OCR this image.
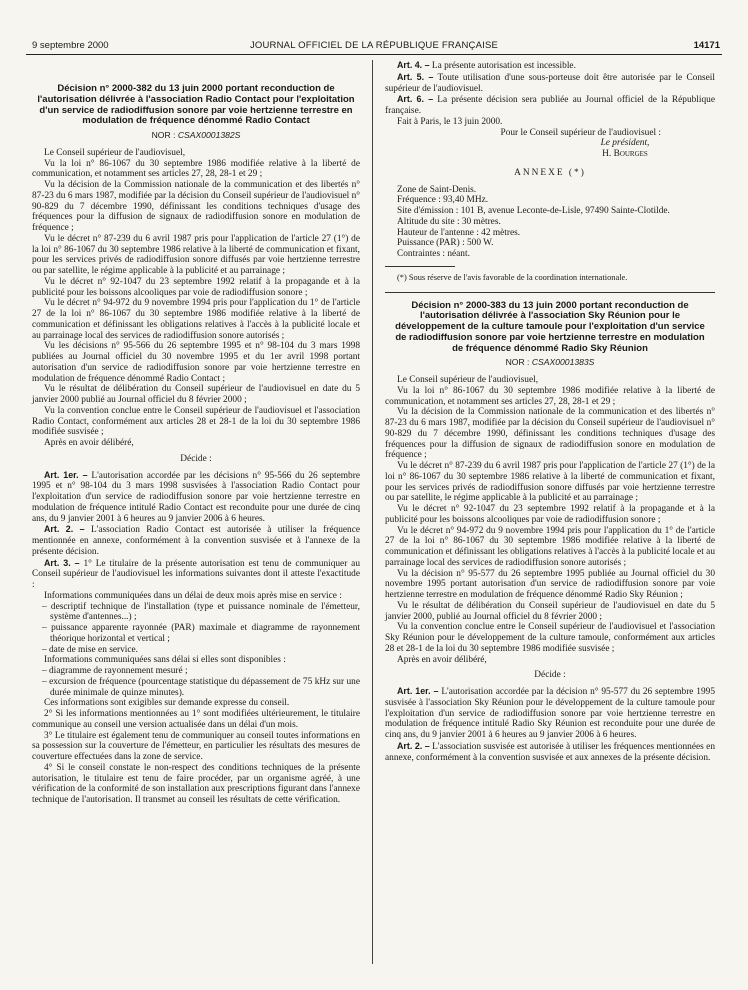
9 septembre 2000	JOURNAL OFFICIEL DE LA RÉPUBLIQUE FRANÇAISE	14171
Décision n° 2000-382 du 13 juin 2000 portant reconduction de l'autorisation délivrée à l'association Radio Contact pour l'exploitation d'un service de radiodiffusion sonore par voie hertzienne terrestre en modulation de fréquence dénommé Radio Contact
NOR : CSAX0001382S

Le Conseil supérieur de l'audiovisuel,

Vu la loi n° 86-1067 du 30 septembre 1986 modifiée relative à la liberté de communication, et notamment ses articles 27, 28, 28-1 et 29 ;

Vu la décision de la Commission nationale de la communication et des libertés n° 87-23 du 6 mars 1987, modifiée par la décision du Conseil supérieur de l'audiovisuel n° 90-829 du 7 décembre 1990, définissant les conditions techniques d'usage des fréquences pour la diffusion de signaux de radiodiffusion sonore en modulation de fréquence ;

Vu le décret n° 87-239 du 6 avril 1987 pris pour l'application de l'article 27 (1°) de la loi n° 86-1067 du 30 septembre 1986 relative à la liberté de communication et fixant, pour les services privés de radiodiffusion sonore diffusés par voie hertzienne terrestre ou par satellite, le régime applicable à la publicité et au parrainage ;

Vu le décret n° 92-1047 du 23 septembre 1992 relatif à la propagande et à la publicité pour les boissons alcooliques par voie de radiodiffusion sonore ;

Vu le décret n° 94-972 du 9 novembre 1994 pris pour l'application du 1° de l'article 27 de la loi n° 86-1067 du 30 septembre 1986 modifiée relative à la liberté de communication et définissant les obligations relatives à l'accès à la publicité locale et au parrainage local des services de radiodiffusion sonore autorisés ;

Vu les décisions n° 95-566 du 26 septembre 1995 et n° 98-104 du 3 mars 1998 publiées au Journal officiel du 30 novembre 1995 et du 1er avril 1998 portant autorisation d'un service de radiodiffusion sonore par voie hertzienne terrestre en modulation de fréquence dénommé Radio Contact ;

Vu le résultat de délibération du Conseil supérieur de l'audiovisuel en date du 5 janvier 2000 publié au Journal officiel du 8 février 2000 ;

Vu la convention conclue entre le Conseil supérieur de l'audiovisuel et l'association Radio Contact, conformément aux articles 28 et 28-1 de la loi du 30 septembre 1986 modifiée susvisée ;

Après en avoir délibéré,

Décide :

Art. 1er. – L'autorisation accordée par les décisions n° 95-566 du 26 septembre 1995 et n° 98-104 du 3 mars 1998 susvisées à l'association Radio Contact pour l'exploitation d'un service de radiodiffusion sonore par voie hertzienne terrestre en modulation de fréquence intitulé Radio Contact est reconduite pour une durée de cinq ans, du 9 janvier 2001 à 6 heures au 9 janvier 2006 à 6 heures.

Art. 2. – L'association Radio Contact est autorisée à utiliser la fréquence mentionnée en annexe, conformément à la convention susvisée et à l'annexe de la présente décision.

Art. 3. – 1° Le titulaire de la présente autorisation est tenu de communiquer au Conseil supérieur de l'audiovisuel les informations suivantes dont il atteste l'exactitude :

Informations communiquées dans un délai de deux mois après mise en service :

– descriptif technique de l'installation (type et puissance nominale de l'émetteur, système d'antennes...) ;

– puissance apparente rayonnée (PAR) maximale et diagramme de rayonnement théorique horizontal et vertical ;

– date de mise en service.

Informations communiquées sans délai si elles sont disponibles :

– diagramme de rayonnement mesuré ;

– excursion de fréquence (pourcentage statistique du dépassement de 75 kHz sur une durée minimale de quinze minutes).

Ces informations sont exigibles sur demande expresse du conseil.

2° Si les informations mentionnées au 1° sont modifiées ultérieurement, le titulaire communique au conseil une version actualisée dans un délai d'un mois.

3° Le titulaire est également tenu de communiquer au conseil toutes informations en sa possession sur la couverture de l'émetteur, en particulier les résultats des mesures de couverture effectuées dans la zone de service.

4° Si le conseil constate le non-respect des conditions techniques de la présente autorisation, le titulaire est tenu de faire procéder, par un organisme agréé, à une vérification de la conformité de son installation aux prescriptions figurant dans l'annexe technique de l'autorisation. Il transmet au conseil les résultats de cette vérification.

Art. 4. – La présente autorisation est incessible.

Art. 5. – Toute utilisation d'une sous-porteuse doit être autorisée par le Conseil supérieur de l'audiovisuel.

Art. 6. – La présente décision sera publiée au Journal officiel de la République française.

Fait à Paris, le 13 juin 2000.

Pour le Conseil supérieur de l'audiovisuel :

Le président,

H. Bourges

ANNEXE (*)

Zone de Saint-Denis.

Fréquence : 93,40 MHz.

Site d'émission : 101 B, avenue Leconte-de-Lisle, 97490 Sainte-Clotilde.

Altitude du site : 30 mètres.

Hauteur de l'antenne : 42 mètres.

Puissance (PAR) : 500 W.

Contraintes : néant.

(*) Sous réserve de l'avis favorable de la coordination internationale.

Décision n° 2000-383 du 13 juin 2000 portant reconduction de l'autorisation délivrée à l'association Sky Réunion pour le développement de la culture tamoule pour l'exploitation d'un service de radiodiffusion sonore par voie hertzienne terrestre en modulation de fréquence dénommé Radio Sky Réunion
NOR : CSAX0001383S

Le Conseil supérieur de l'audiovisuel,

Vu la loi n° 86-1067 du 30 septembre 1986 modifiée relative à la liberté de communication, et notamment ses articles 27, 28, 28-1 et 29 ;

Vu la décision de la Commission nationale de la communication et des libertés n° 87-23 du 6 mars 1987, modifiée par la décision du Conseil supérieur de l'audiovisuel n° 90-829 du 7 décembre 1990, définissant les conditions techniques d'usage des fréquences pour la diffusion de signaux de radiodiffusion sonore en modulation de fréquence ;

Vu le décret n° 87-239 du 6 avril 1987 pris pour l'application de l'article 27 (1°) de la loi n° 86-1067 du 30 septembre 1986 relative à la liberté de communication et fixant, pour les services privés de radiodiffusion sonore diffusés par voie hertzienne terrestre ou par satellite, le régime applicable à la publicité et au parrainage ;

Vu le décret n° 92-1047 du 23 septembre 1992 relatif à la propagande et à la publicité pour les boissons alcooliques par voie de radiodiffusion sonore ;

Vu le décret n° 94-972 du 9 novembre 1994 pris pour l'application du 1° de l'article 27 de la loi n° 86-1067 du 30 septembre 1986 modifiée relative à la liberté de communication et définissant les obligations relatives à l'accès à la publicité locale et au parrainage local des services de radiodiffusion sonore autorisés ;

Vu la décision n° 95-577 du 26 septembre 1995 publiée au Journal officiel du 30 novembre 1995 portant autorisation d'un service de radiodiffusion sonore par voie hertzienne terrestre en modulation de fréquence dénommé Radio Sky Réunion ;

Vu le résultat de délibération du Conseil supérieur de l'audiovisuel en date du 5 janvier 2000, publié au Journal officiel du 8 février 2000 ;

Vu la convention conclue entre le Conseil supérieur de l'audiovisuel et l'association Sky Réunion pour le développement de la culture tamoule, conformément aux articles 28 et 28-1 de la loi du 30 septembre 1986 modifiée susvisée ;

Après en avoir délibéré,

Décide :

Art. 1er. – L'autorisation accordée par la décision n° 95-577 du 26 septembre 1995 susvisée à l'association Sky Réunion pour le développement de la culture tamoule pour l'exploitation d'un service de radiodiffusion sonore par voie hertzienne terrestre en modulation de fréquence intitulé Radio Sky Réunion est reconduite pour une durée de cinq ans, du 9 janvier 2001 à 6 heures au 9 janvier 2006 à 6 heures.

Art. 2. – L'association susvisée est autorisée à utiliser les fréquences mentionnées en annexe, conformément à la convention susvisée et aux annexes de la présente décision.
